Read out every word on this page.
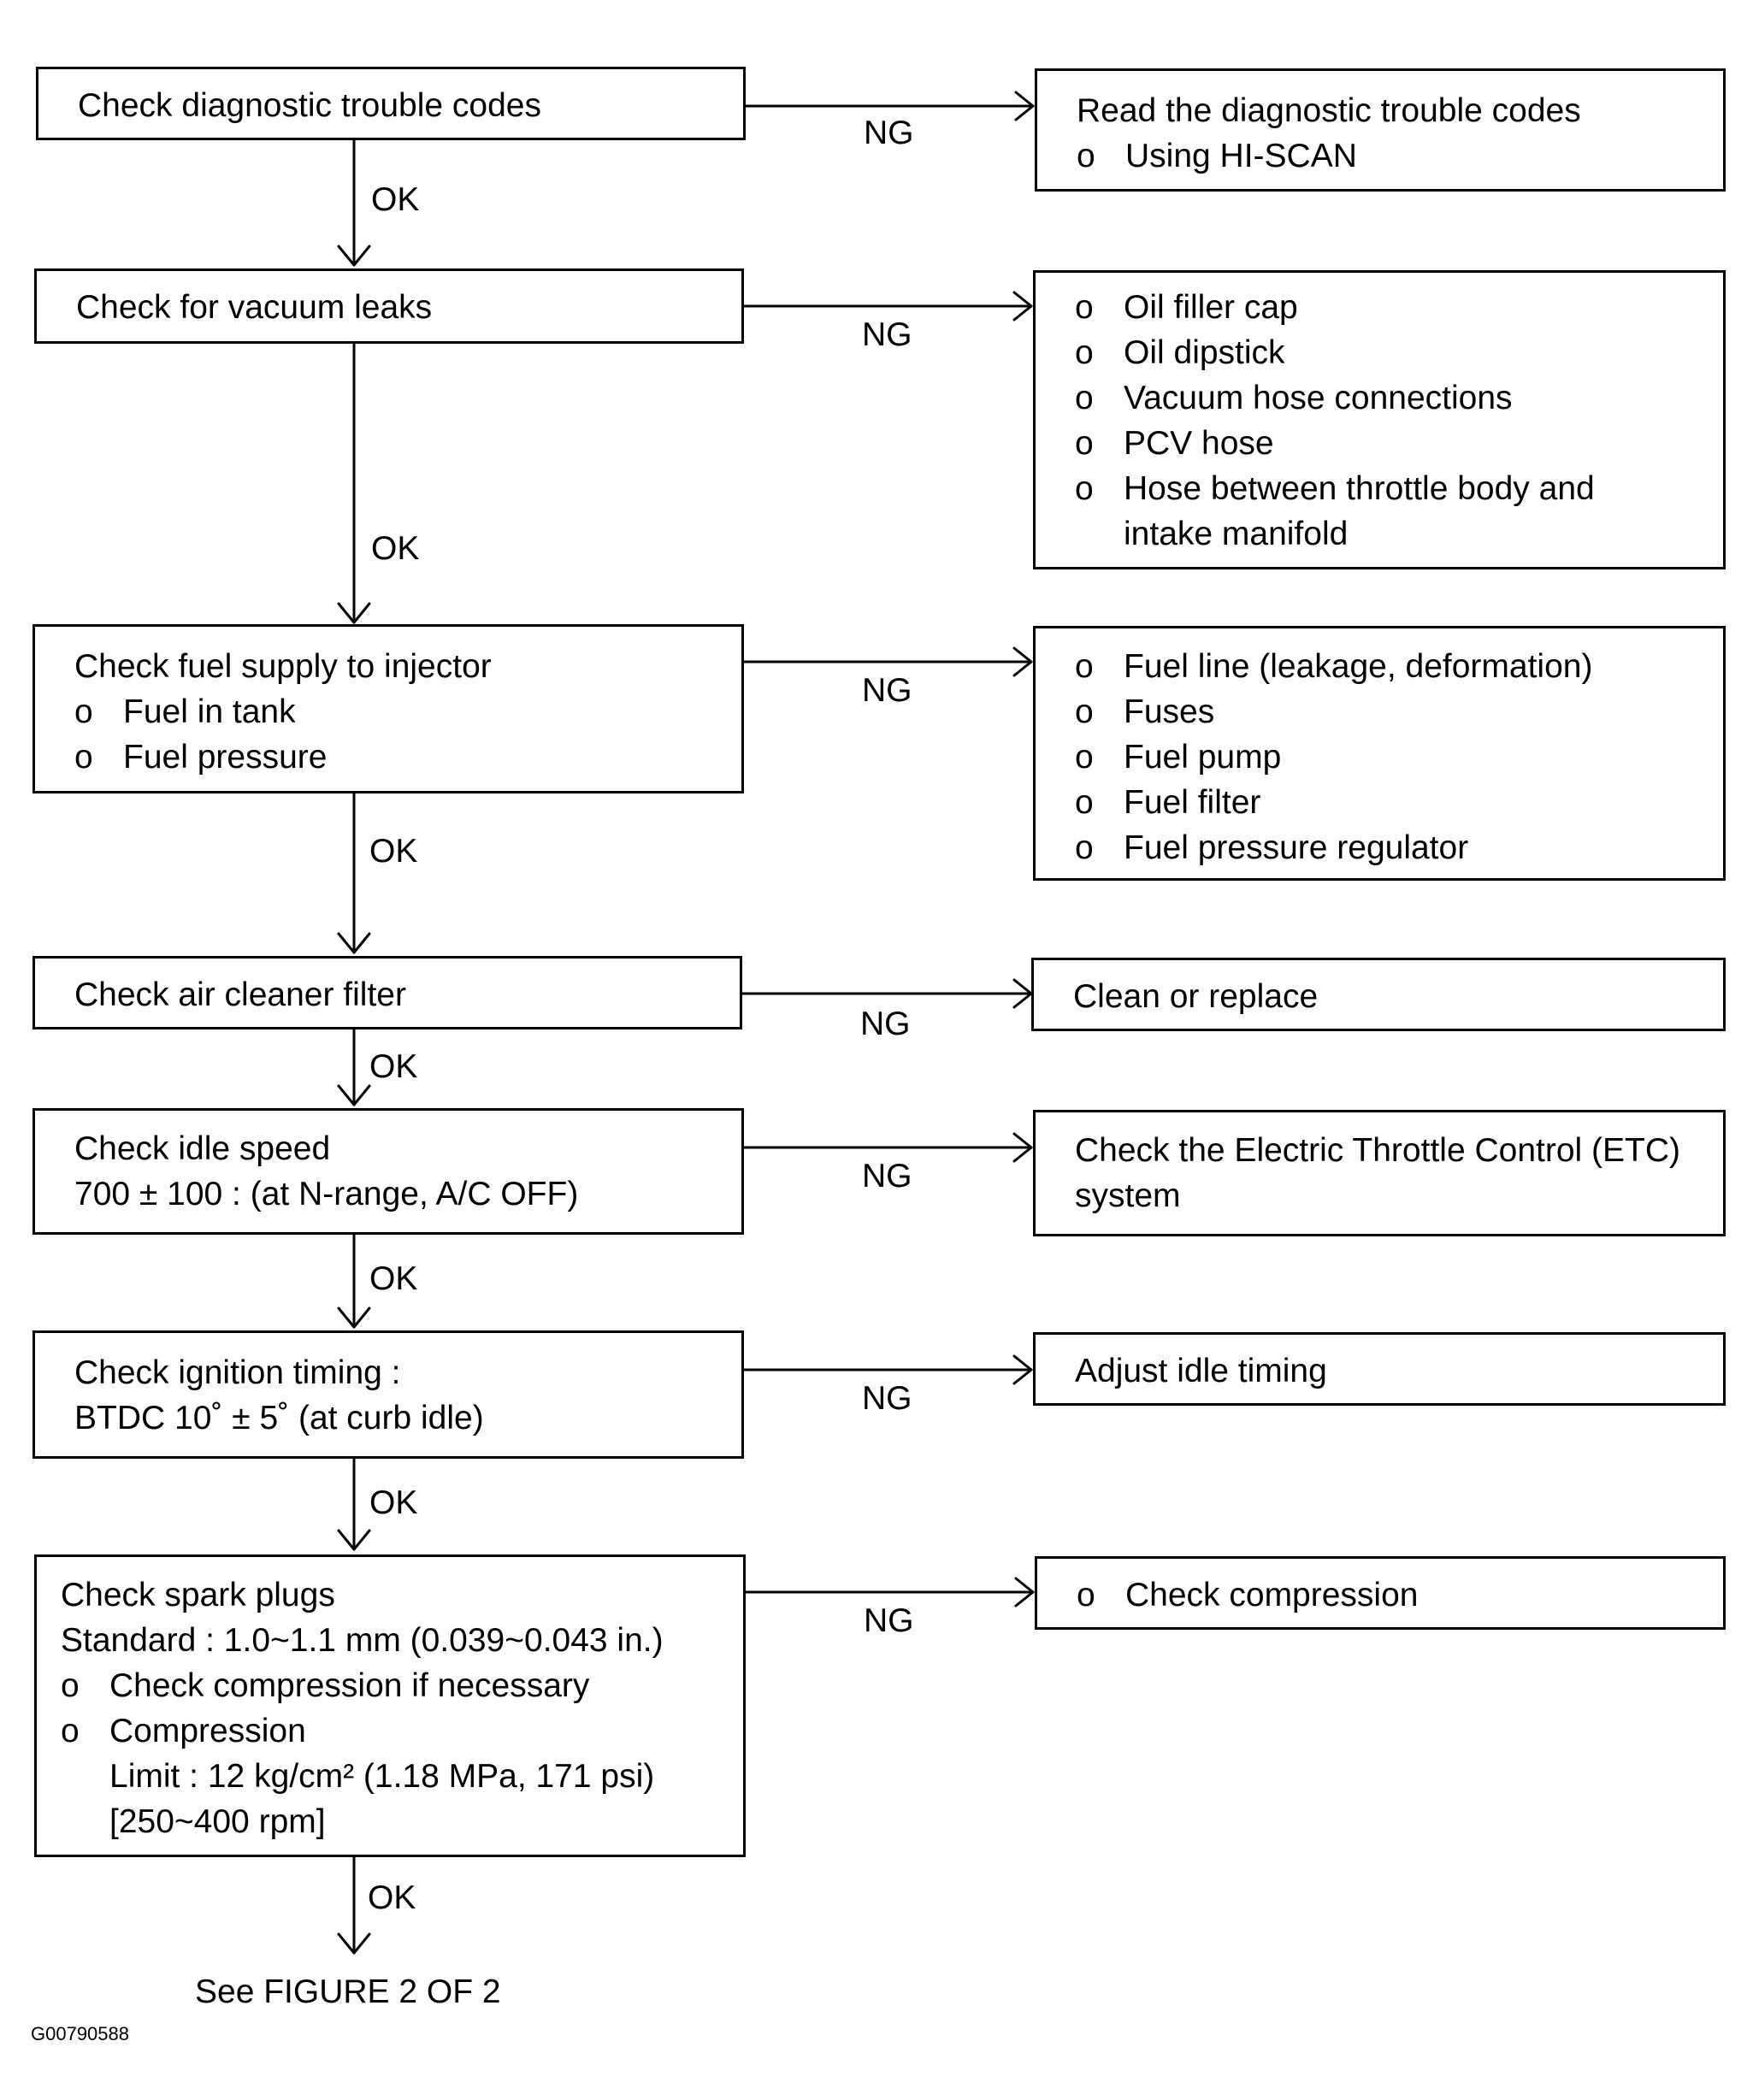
Check diagnostic trouble codes	Read the diagnostic trouble codes
o Using HI-SCAN
NG
OK
Check for vacuum leaks	o Oil filler cap
o Oil dipstick
o Vacuum hose connections
o PCV hose
o Hose between throttle body and
intake manifold
NG
OK
Check fuel supply to injector
o Fuel in tank
o Fuel pressure
o Fuel line (leakage, deformation)
o Fuses
o Fuel pump
o Fuel filter
o Fuel pressure regulator
NG
OK
Check air cleaner filter	Clean or replace
NG
OK
Check idle speed
700 ± 100 : (at N-range, A/C OFF)
Check the Electric Throttle Control (ETC)
system
NG
OK
Check ignition timing :
BTDC 10˚ ± 5˚ (at curb idle)
Adjust idle timing
NG
OK
Check spark plugs
Standard : 1.0~1.1 mm (0.039~0.043 in.)
o Check compression if necessary
o Compression
Limit : 12 kg/cm² (1.18 MPa, 171 psi)
[250~400 rpm]
o Check compression
NG
OK
See FIGURE 2 OF 2
G00790588
